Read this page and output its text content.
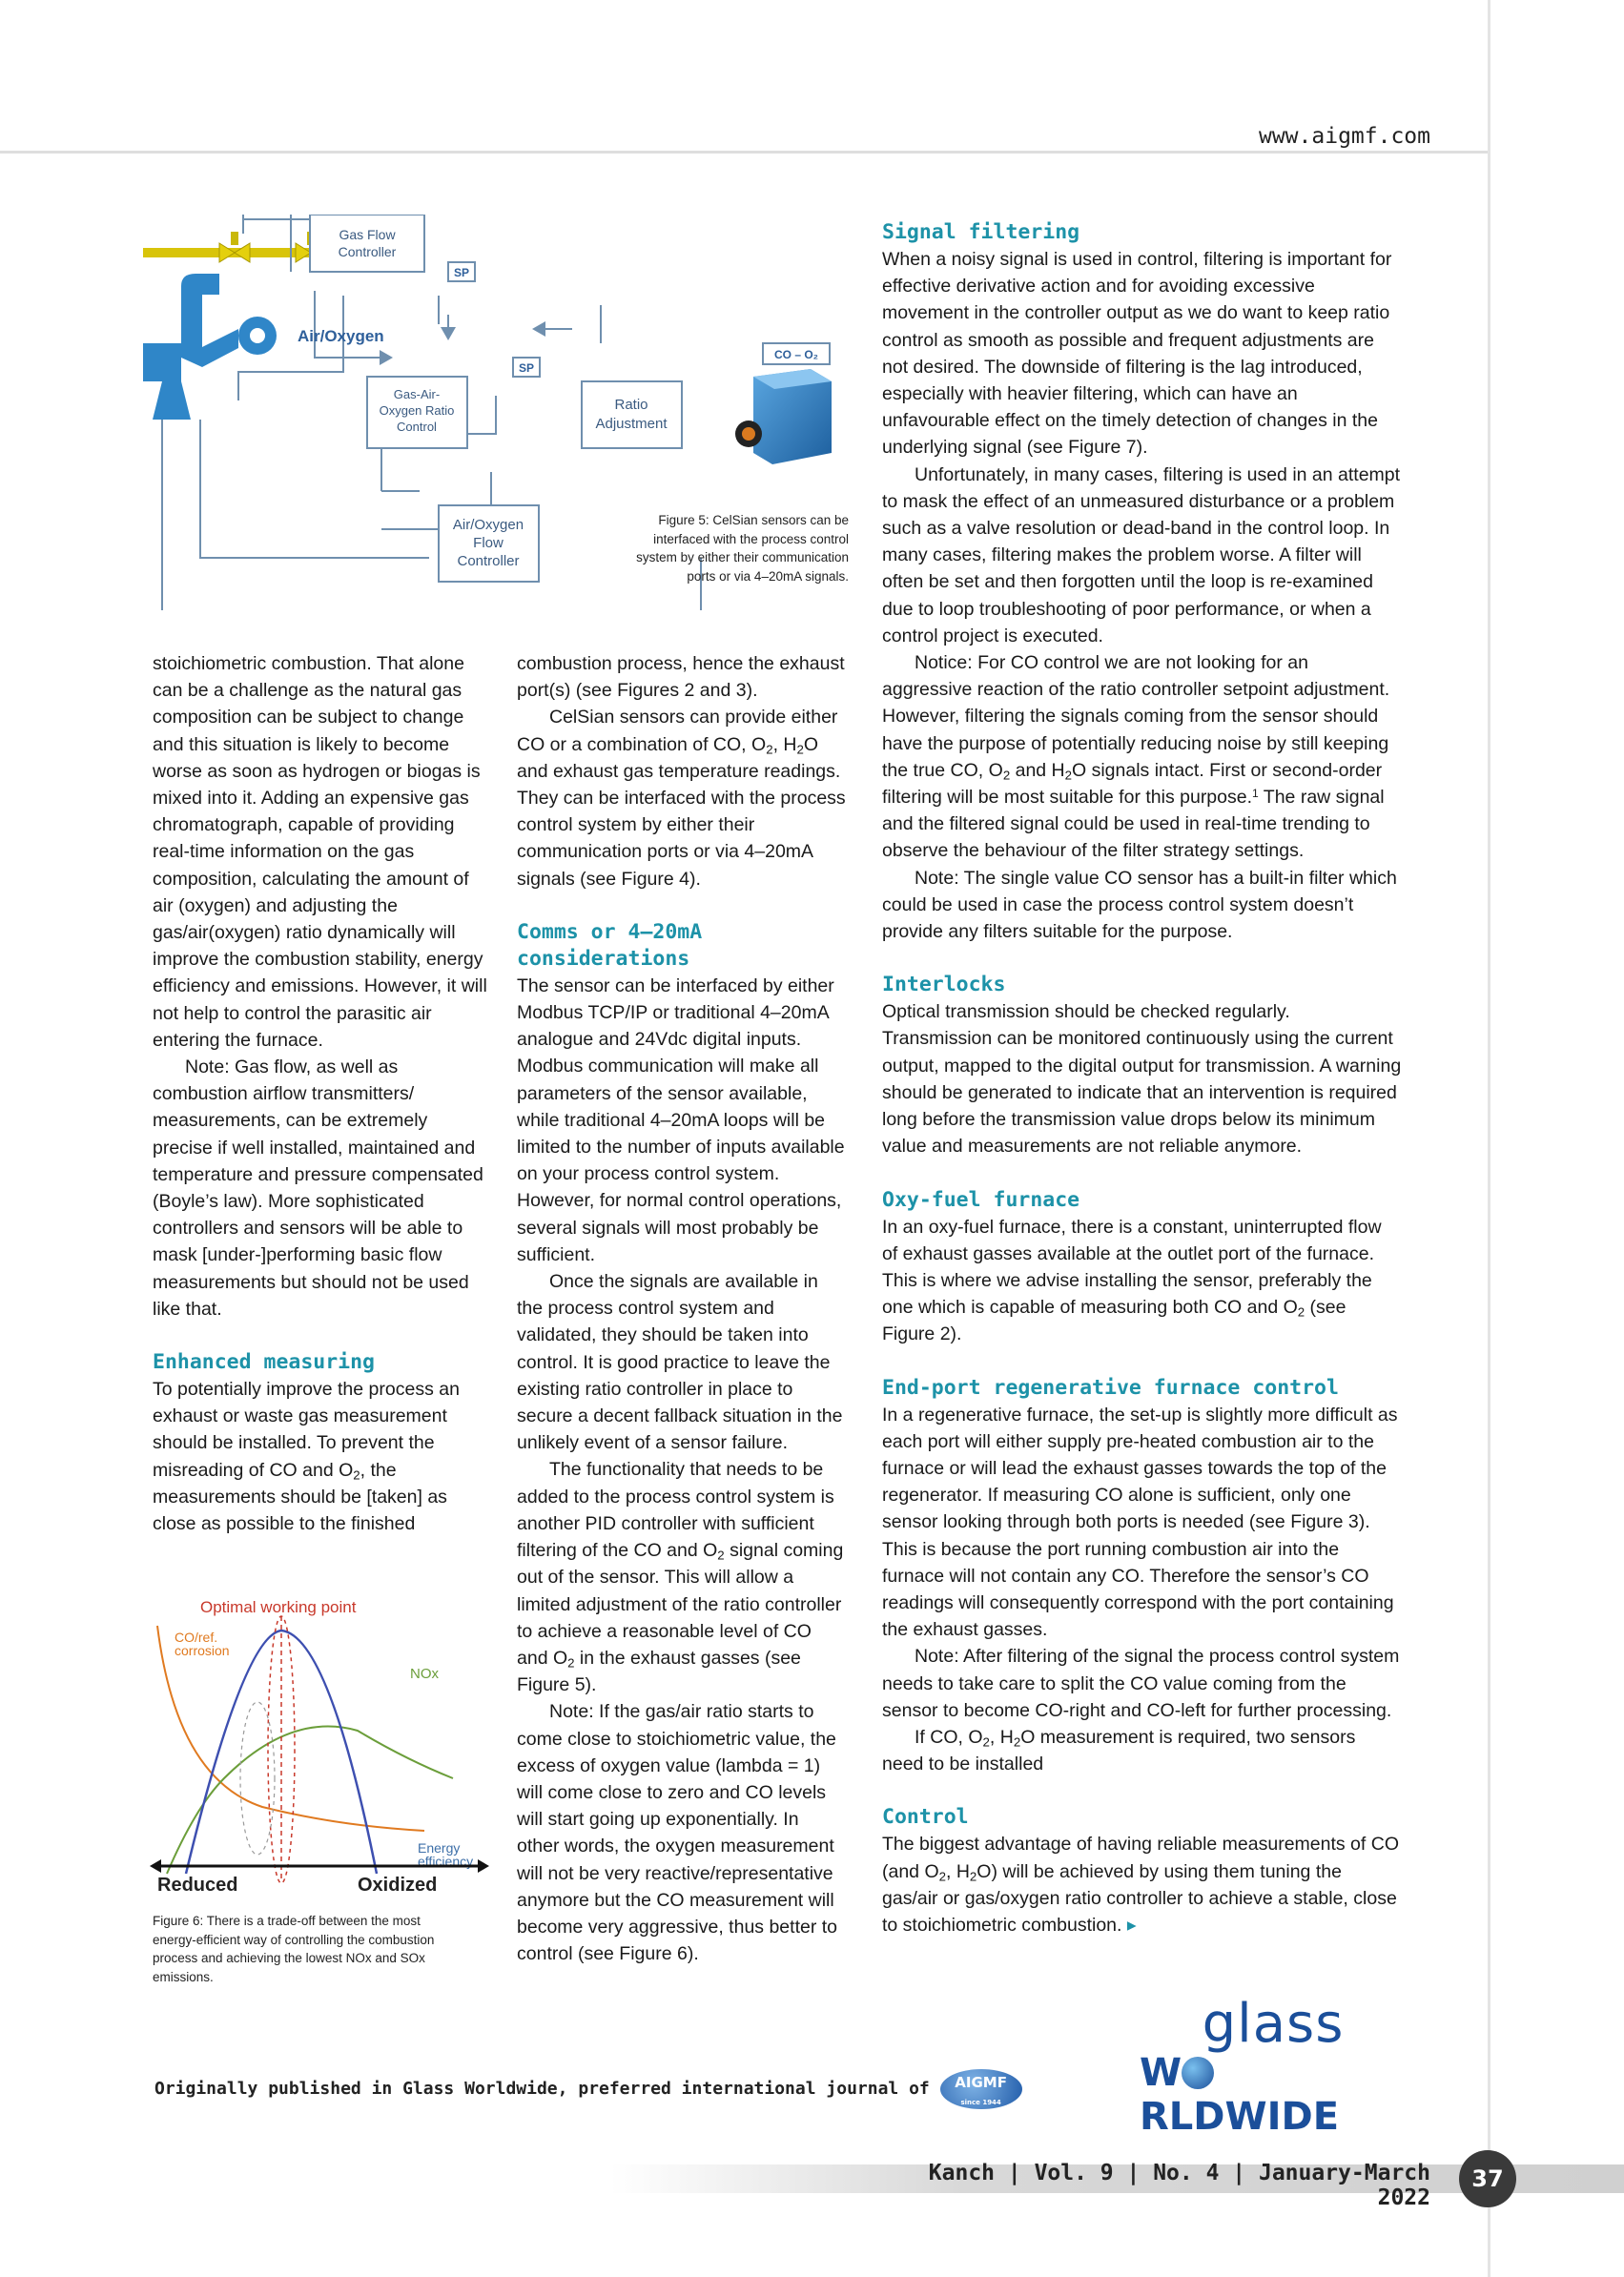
www.aigmf.com
Gas Flow
Controller
SP
Air/Oxygen
CO – O₂
SP
Gas-Air-
Oxygen Ratio
Control
Ratio
Adjustment
Air/Oxygen
Flow
Controller
Figure 5: CelSian sensors can be
interfaced with the process control
system by either their communication
ports or via 4–20mA signals.

stoichiometric combustion. That alone can be a challenge as the natural gas composition can be subject to change and this situation is likely to become worse as soon as hydrogen or biogas is mixed into it. Adding an expensive gas chromatograph, capable of providing real-time information on the gas composition, calculating the amount of air (oxygen) and adjusting the gas/air(oxygen) ratio dynamically will improve the combustion stability, energy efficiency and emissions. However, it will not help to control the parasitic air entering the furnace.

Note: Gas flow, as well as combustion airflow transmitters/ measurements, can be extremely precise if well installed, maintained and temperature and pressure compensated (Boyle’s law). More sophisticated controllers and sensors will be able to mask [under-]performing basic flow measurements but should not be used like that.

Enhanced measuring

To potentially improve the process an exhaust or waste gas measurement should be installed. To prevent the misreading of CO and $O_2$, the measurements should be [taken] as close as possible to the finished

Optimal working point
CO/ref.
corrosion
NOx
Energy
efficiency
Reduced	Oxidized
Figure 6: There is a trade-off between the most
energy-efficient way of controlling the combustion
process and achieving the lowest NOx and SOx
emissions.

combustion process, hence the exhaust port(s) (see Figures 2 and 3).

CelSian sensors can provide either CO or a combination of CO, $O_2$, $H_2O$ and exhaust gas temperature readings. They can be interfaced with the process control system by either their communication ports or via 4–20mA signals (see Figure 4).

Comms or 4–20mA considerations

The sensor can be interfaced by either Modbus TCP/IP or traditional 4–20mA analogue and 24Vdc digital inputs. Modbus communication will make all parameters of the sensor available, while traditional 4–20mA loops will be limited to the number of inputs available on your process control system. However, for normal control operations, several signals will most probably be sufficient.

Once the signals are available in the process control system and validated, they should be taken into control. It is good practice to leave the existing ratio controller in place to secure a decent fallback situation in the unlikely event of a sensor failure.

The functionality that needs to be added to the process control system is another PID controller with sufficient filtering of the CO and $O_2$ signal coming out of the sensor. This will allow a limited adjustment of the ratio controller to achieve a reasonable level of CO and $O_2$ in the exhaust gasses (see Figure 5).

Note: If the gas/air ratio starts to come close to stoichiometric value, the excess of oxygen value (lambda = 1) will come close to zero and CO levels will start going up exponentially. In other words, the oxygen measurement will not be very reactive/representative anymore but the CO measurement will become very aggressive, thus better to control (see Figure 6).

Signal filtering

When a noisy signal is used in control, filtering is important for effective derivative action and for avoiding excessive movement in the controller output as we do want to keep ratio control as smooth as possible and frequent adjustments are not desired. The downside of filtering is the lag introduced, especially with heavier filtering, which can have an unfavourable effect on the timely detection of changes in the underlying signal (see Figure 7).

Unfortunately, in many cases, filtering is used in an attempt to mask the effect of an unmeasured disturbance or a problem such as a valve resolution or dead-band in the control loop. In many cases, filtering makes the problem worse. A filter will often be set and then forgotten until the loop is re-examined due to loop troubleshooting of poor performance, or when a control project is executed.

Notice: For CO control we are not looking for an aggressive reaction of the ratio controller setpoint adjustment. However, filtering the signals coming from the sensor should have the purpose of potentially reducing noise by still keeping the true CO, $O_2$ and $H_2O$ signals intact. First or second-order filtering will be most suitable for this purpose.$^1$ The raw signal and the filtered signal could be used in real-time trending to observe the behaviour of the filter strategy settings.

Note: The single value CO sensor has a built-in filter which could be used in case the process control system doesn’t provide any filters suitable for the purpose.

Interlocks

Optical transmission should be checked regularly. Transmission can be monitored continuously using the current output, mapped to the digital output for transmission. A warning should be generated to indicate that an intervention is required long before the transmission value drops below its minimum value and measurements are not reliable anymore.

Oxy-fuel furnace

In an oxy-fuel furnace, there is a constant, uninterrupted flow of exhaust gasses available at the outlet port of the furnace. This is where we advise installing the sensor, preferably the one which is capable of measuring both CO and $O_2$ (see Figure 2).

End-port regenerative furnace control

In a regenerative furnace, the set-up is slightly more difficult as each port will either supply pre-heated combustion air to the furnace or will lead the exhaust gasses towards the top of the regenerator. If measuring CO alone is sufficient, only one sensor looking through both ports is needed (see Figure 3). This is because the port running combustion air into the furnace will not contain any CO. Therefore the sensor’s CO readings will consequently correspond with the port containing the exhaust gasses.

Note: After filtering of the signal the process control system needs to take care to split the CO value coming from the sensor to become CO-right and CO-left for further processing.

If CO, $O_2$, $H_2O$ measurement is required, two sensors need to be installed

Control

The biggest advantage of having reliable measurements of CO (and $O_2$, $H_2O$) will be achieved by using them tuning the gas/air or gas/oxygen ratio controller to achieve a stable, close to stoichiometric combustion. ▸

glass
WRLDWIDE
Originally published in Glass Worldwide, preferred international journal of AIGMF
since 1944
Kanch | Vol. 9 | No. 4 | January-March 2022
37
